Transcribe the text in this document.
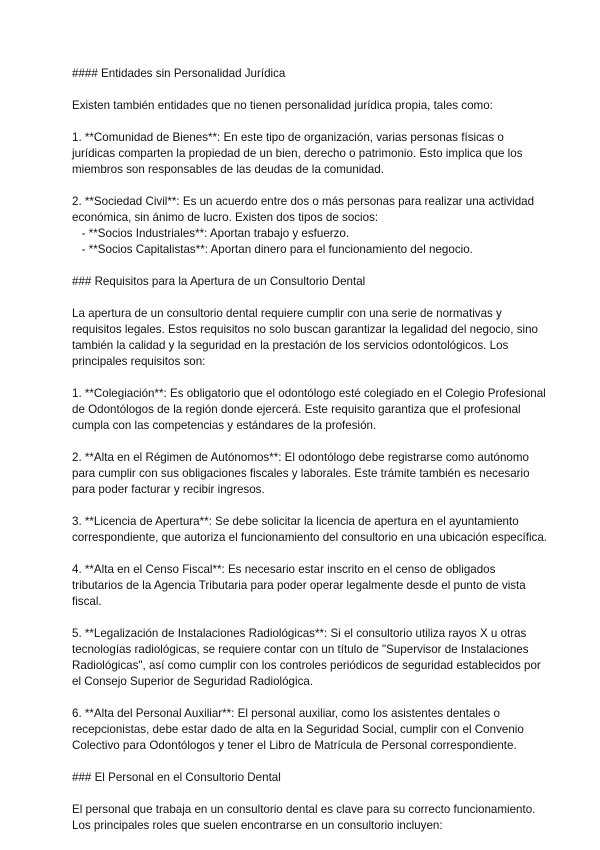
#### Entidades sin Personalidad Jurídica
Existen también entidades que no tienen personalidad jurídica propia, tales como:
1. **Comunidad de Bienes**: En este tipo de organización, varias personas físicas o
jurídicas comparten la propiedad de un bien, derecho o patrimonio. Esto implica que los
miembros son responsables de las deudas de la comunidad.
2. **Sociedad Civil**: Es un acuerdo entre dos o más personas para realizar una actividad
económica, sin ánimo de lucro. Existen dos tipos de socios:
- **Socios Industriales**: Aportan trabajo y esfuerzo.
- **Socios Capitalistas**: Aportan dinero para el funcionamiento del negocio.
### Requisitos para la Apertura de un Consultorio Dental
La apertura de un consultorio dental requiere cumplir con una serie de normativas y
requisitos legales. Estos requisitos no solo buscan garantizar la legalidad del negocio, sino
también la calidad y la seguridad en la prestación de los servicios odontológicos. Los
principales requisitos son:
1. **Colegiación**: Es obligatorio que el odontólogo esté colegiado en el Colegio Profesional
de Odontólogos de la región donde ejercerá. Este requisito garantiza que el profesional
cumpla con las competencias y estándares de la profesión.
2. **Alta en el Régimen de Autónomos**: El odontólogo debe registrarse como autónomo
para cumplir con sus obligaciones fiscales y laborales. Este trámite también es necesario
para poder facturar y recibir ingresos.
3. **Licencia de Apertura**: Se debe solicitar la licencia de apertura en el ayuntamiento
correspondiente, que autoriza el funcionamiento del consultorio en una ubicación específica.
4. **Alta en el Censo Fiscal**: Es necesario estar inscrito en el censo de obligados
tributarios de la Agencia Tributaria para poder operar legalmente desde el punto de vista
fiscal.
5. **Legalización de Instalaciones Radiológicas**: Si el consultorio utiliza rayos X u otras
tecnologías radiológicas, se requiere contar con un título de "Supervisor de Instalaciones
Radiológicas", así como cumplir con los controles periódicos de seguridad establecidos por
el Consejo Superior de Seguridad Radiológica.
6. **Alta del Personal Auxiliar**: El personal auxiliar, como los asistentes dentales o
recepcionistas, debe estar dado de alta en la Seguridad Social, cumplir con el Convenio
Colectivo para Odontólogos y tener el Libro de Matrícula de Personal correspondiente.
### El Personal en el Consultorio Dental
El personal que trabaja en un consultorio dental es clave para su correcto funcionamiento.
Los principales roles que suelen encontrarse en un consultorio incluyen:
